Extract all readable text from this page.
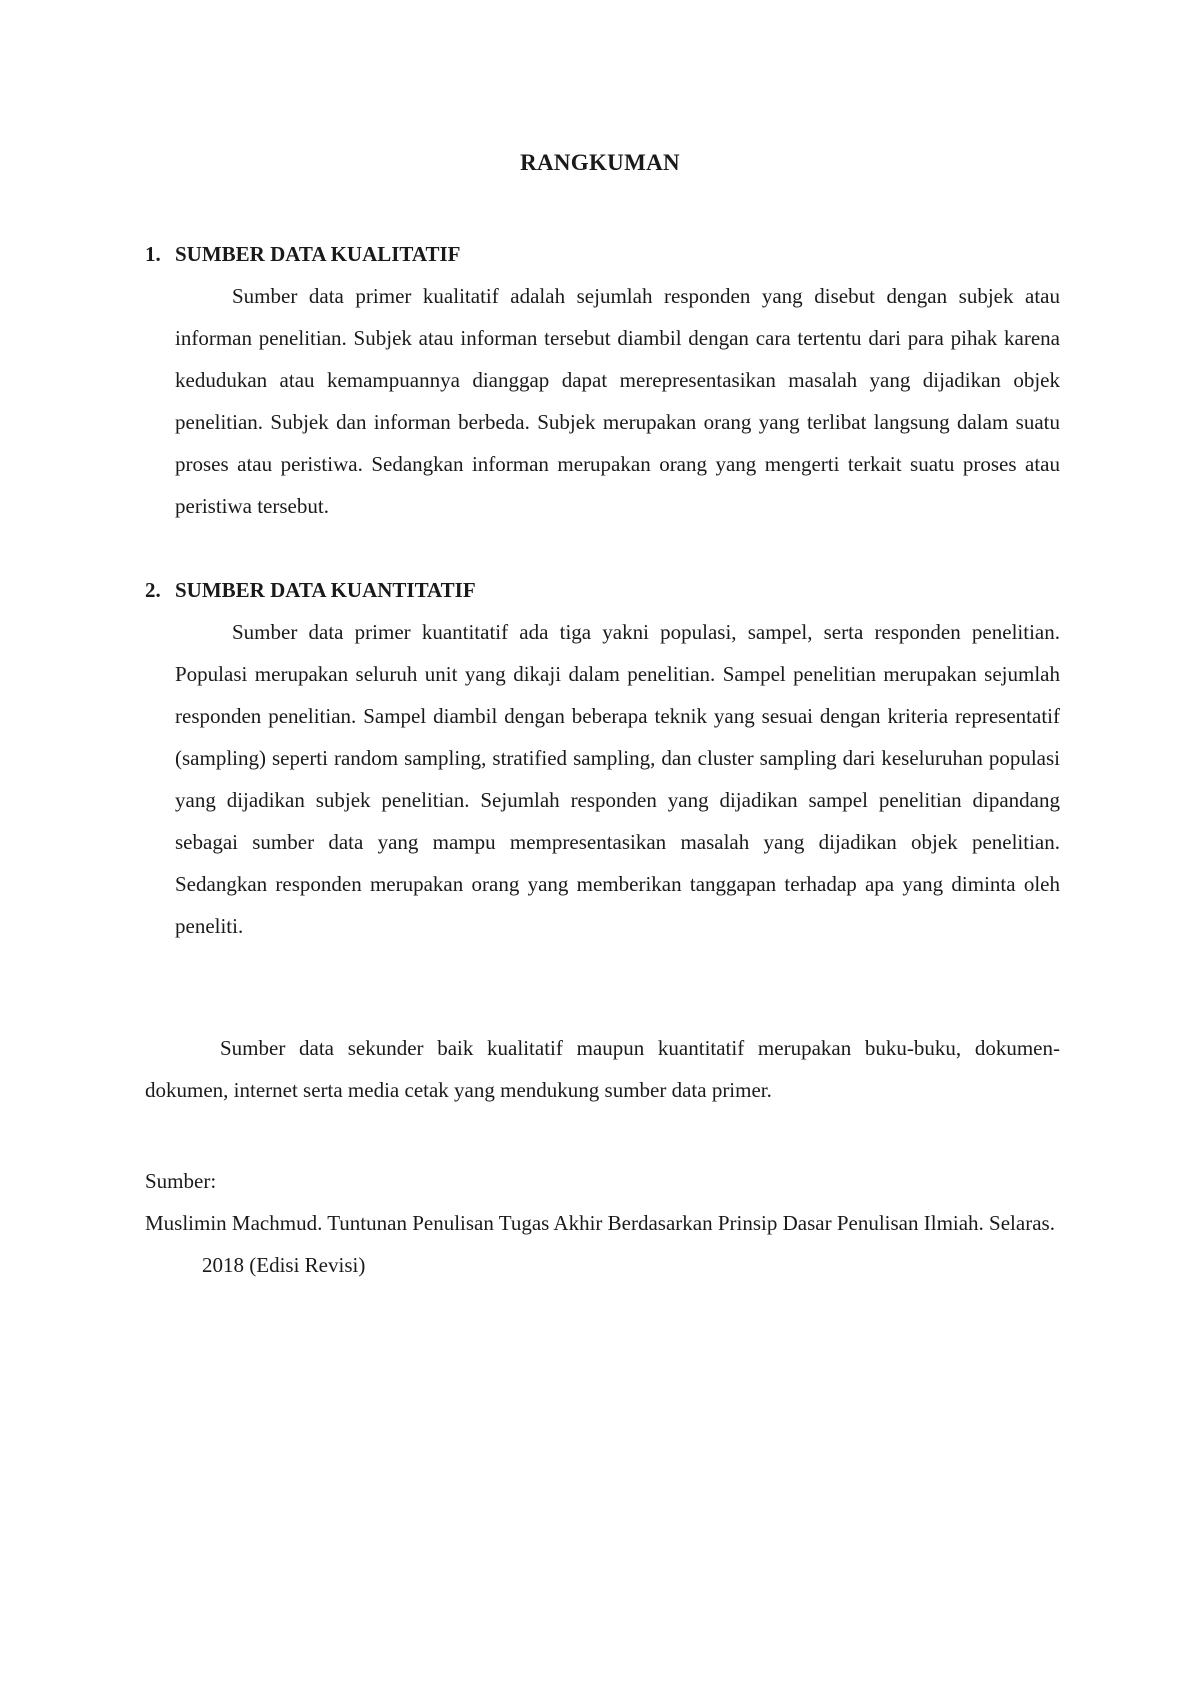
RANGKUMAN
1. SUMBER DATA KUALITATIF
Sumber data primer kualitatif adalah sejumlah responden yang disebut dengan subjek atau informan penelitian. Subjek atau informan tersebut diambil dengan cara tertentu dari para pihak karena kedudukan atau kemampuannya dianggap dapat merepresentasikan masalah yang dijadikan objek penelitian. Subjek dan informan berbeda. Subjek merupakan orang yang terlibat langsung dalam suatu proses atau peristiwa. Sedangkan informan merupakan orang yang mengerti terkait suatu proses atau peristiwa tersebut.
2. SUMBER DATA KUANTITATIF
Sumber data primer kuantitatif ada tiga yakni populasi, sampel, serta responden penelitian. Populasi merupakan seluruh unit yang dikaji dalam penelitian. Sampel penelitian merupakan sejumlah responden penelitian. Sampel diambil dengan beberapa teknik yang sesuai dengan kriteria representatif (sampling) seperti random sampling, stratified sampling, dan cluster sampling dari keseluruhan populasi yang dijadikan subjek penelitian. Sejumlah responden yang dijadikan sampel penelitian dipandang sebagai sumber data yang mampu mempresentasikan masalah yang dijadikan objek penelitian. Sedangkan responden merupakan orang yang memberikan tanggapan terhadap apa yang diminta oleh peneliti.
Sumber data sekunder baik kualitatif maupun kuantitatif merupakan buku-buku, dokumen-dokumen, internet serta media cetak yang mendukung sumber data primer.
Sumber:
Muslimin Machmud. Tuntunan Penulisan Tugas Akhir Berdasarkan Prinsip Dasar Penulisan Ilmiah. Selaras. 2018 (Edisi Revisi)
